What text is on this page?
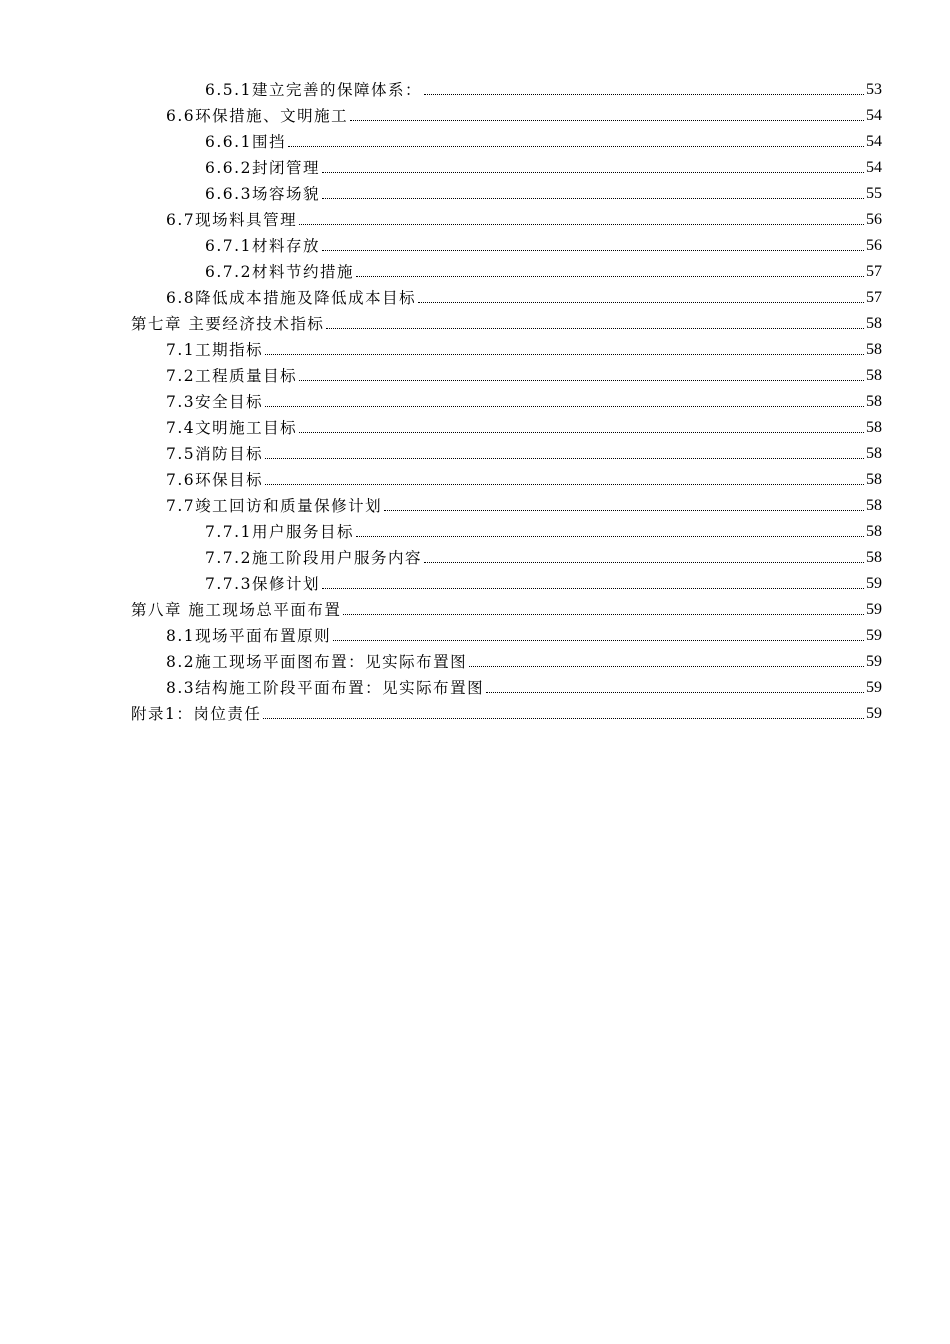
6.5.1建立完善的保障体系：	53
6.6环保措施、文明施工	54
6.6.1围挡	54
6.6.2封闭管理	54
6.6.3场容场貌	55
6.7现场料具管理	56
6.7.1材料存放	56
6.7.2材料节约措施	57
6.8降低成本措施及降低成本目标	57
第七章 主要经济技术指标	58
7.1工期指标	58
7.2工程质量目标	58
7.3安全目标	58
7.4文明施工目标	58
7.5消防目标	58
7.6环保目标	58
7.7竣工回访和质量保修计划	58
7.7.1用户服务目标	58
7.7.2施工阶段用户服务内容	58
7.7.3保修计划	59
第八章 施工现场总平面布置	59
8.1现场平面布置原则	59
8.2施工现场平面图布置：见实际布置图	59
8.3结构施工阶段平面布置：见实际布置图	59
附录1：岗位责任	59
